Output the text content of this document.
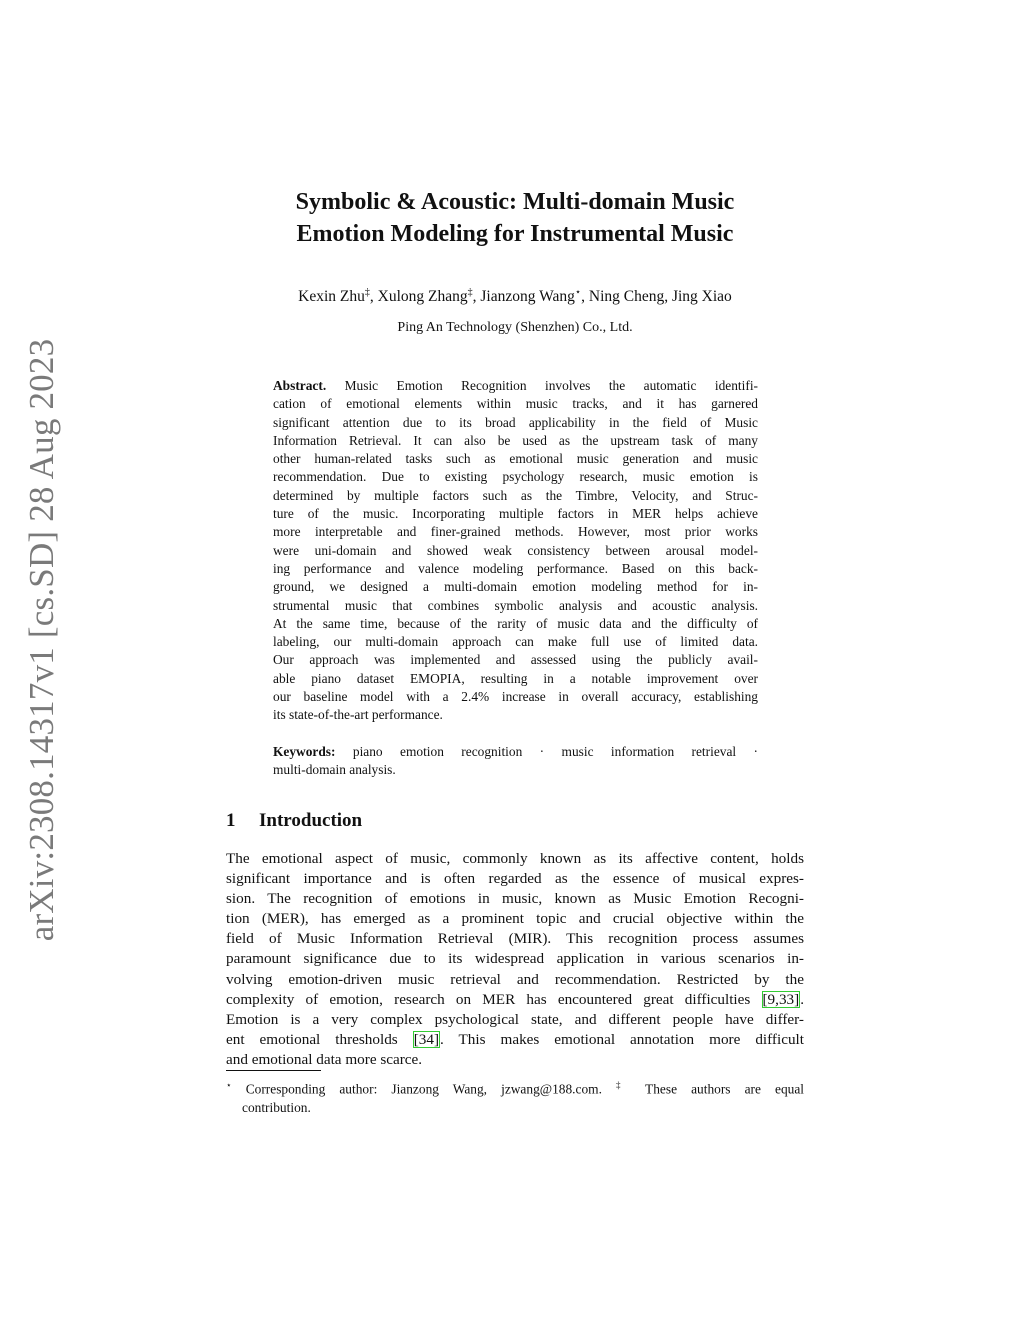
arXiv:2308.14317v1 [cs.SD] 28 Aug 2023
Symbolic & Acoustic: Multi-domain Music
Emotion Modeling for Instrumental Music
Kexin Zhu‡, Xulong Zhang‡, Jianzong Wang⋆, Ning Cheng, Jing Xiao
Ping An Technology (Shenzhen) Co., Ltd.
Abstract. Music Emotion Recognition involves the automatic identifi-
cation of emotional elements within music tracks, and it has garnered
significant attention due to its broad applicability in the field of Music
Information Retrieval. It can also be used as the upstream task of many
other human-related tasks such as emotional music generation and music
recommendation. Due to existing psychology research, music emotion is
determined by multiple factors such as the Timbre, Velocity, and Struc-
ture of the music. Incorporating multiple factors in MER helps achieve
more interpretable and finer-grained methods. However, most prior works
were uni-domain and showed weak consistency between arousal model-
ing performance and valence modeling performance. Based on this back-
ground, we designed a multi-domain emotion modeling method for in-
strumental music that combines symbolic analysis and acoustic analysis.
At the same time, because of the rarity of music data and the difficulty of
labeling, our multi-domain approach can make full use of limited data.
Our approach was implemented and assessed using the publicly avail-
able piano dataset EMOPIA, resulting in a notable improvement over
our baseline model with a 2.4% increase in overall accuracy, establishing
its state-of-the-art performance.
Keywords: piano emotion recognition · music information retrieval ·
multi-domain analysis.
1 Introduction
The emotional aspect of music, commonly known as its affective content, holds
significant importance and is often regarded as the essence of musical expres-
sion. The recognition of emotions in music, known as Music Emotion Recogni-
tion (MER), has emerged as a prominent topic and crucial objective within the
field of Music Information Retrieval (MIR). This recognition process assumes
paramount significance due to its widespread application in various scenarios in-
volving emotion-driven music retrieval and recommendation. Restricted by the
complexity of emotion, research on MER has encountered great difficulties [9,33].
Emotion is a very complex psychological state, and different people have differ-
ent emotional thresholds [34]. This makes emotional annotation more difficult
and emotional data more scarce.
⋆ Corresponding author: Jianzong Wang, jzwang@188.com. ‡ These authors are equal
contribution.
